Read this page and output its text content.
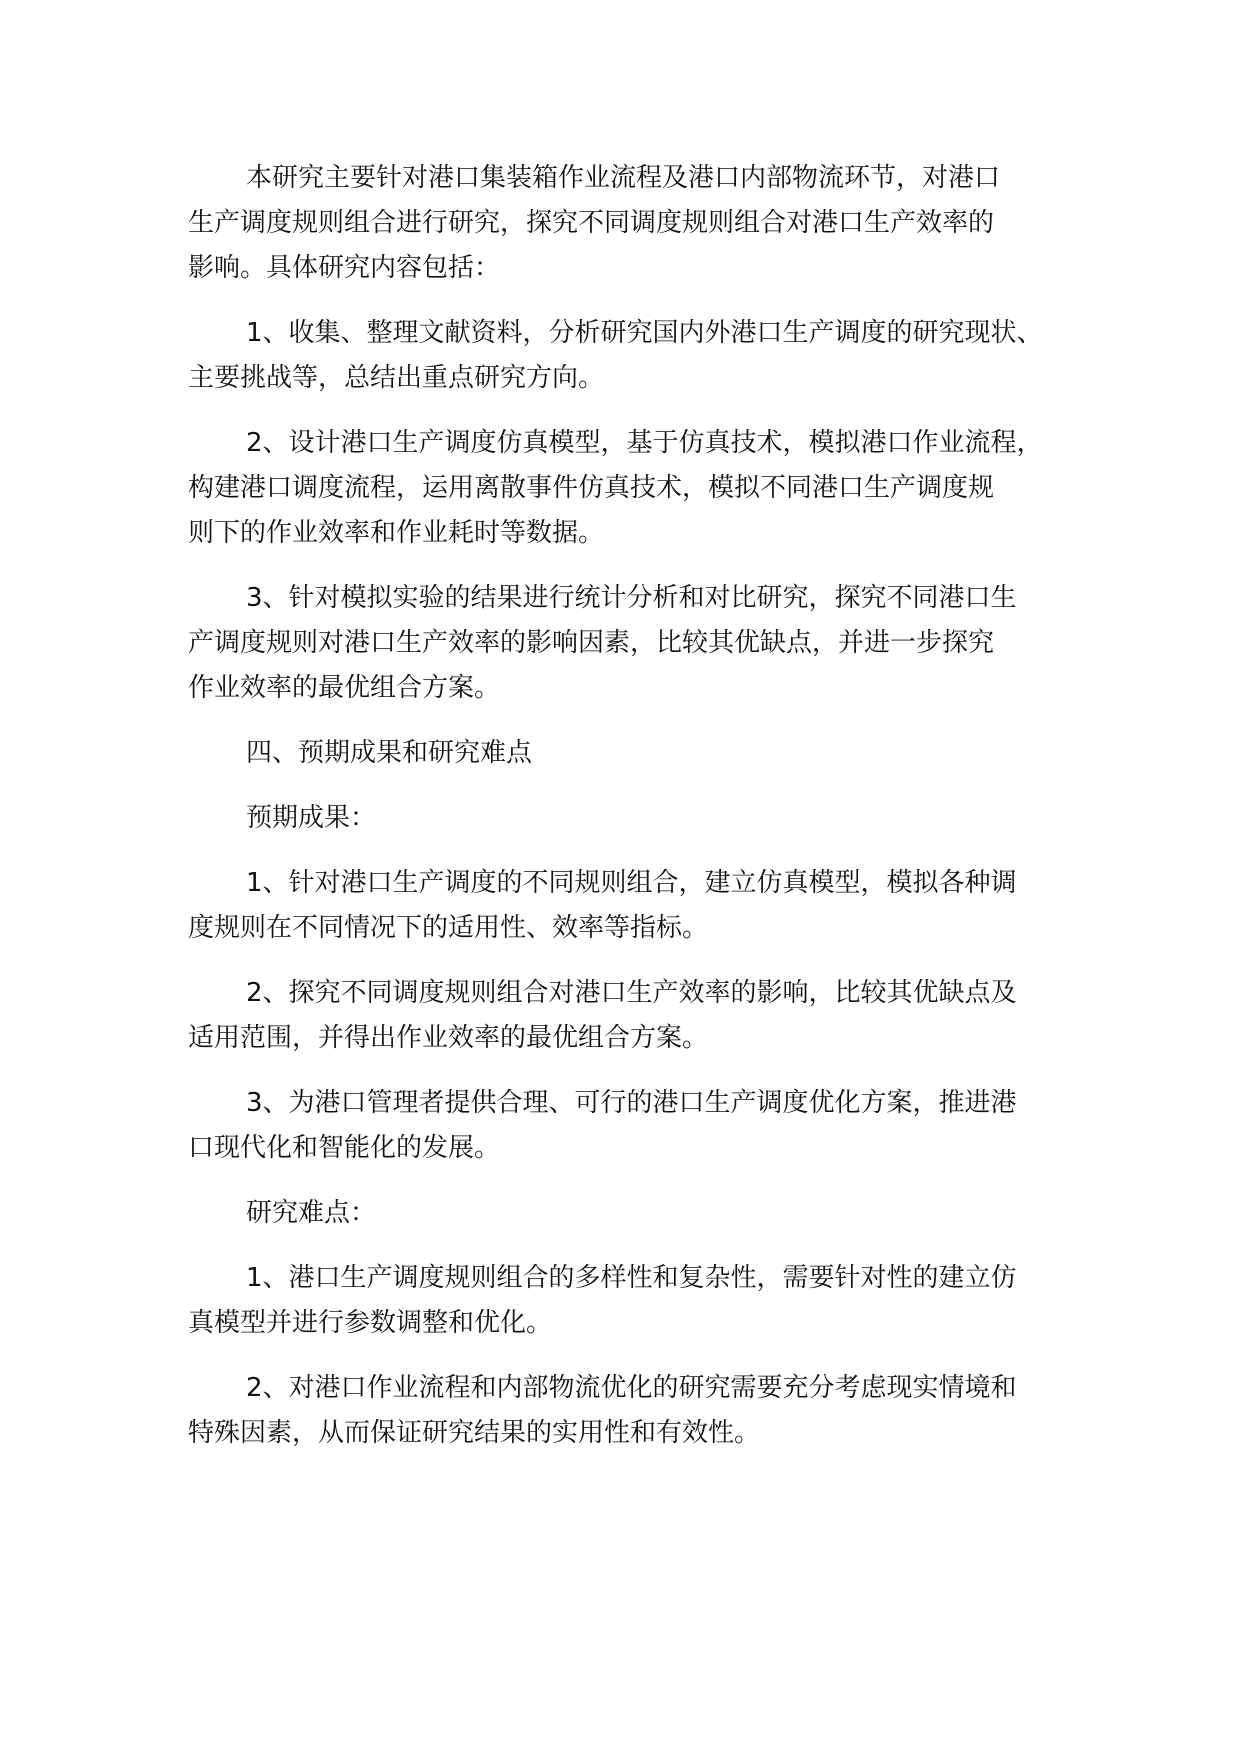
本研究主要针对港口集装箱作业流程及港口内部物流环节，对港口
生产调度规则组合进行研究，探究不同调度规则组合对港口生产效率的
影响。具体研究内容包括：

1、收集、整理文献资料，分析研究国内外港口生产调度的研究现状、
主要挑战等，总结出重点研究方向。

2、设计港口生产调度仿真模型，基于仿真技术，模拟港口作业流程，
构建港口调度流程，运用离散事件仿真技术，模拟不同港口生产调度规
则下的作业效率和作业耗时等数据。

3、针对模拟实验的结果进行统计分析和对比研究，探究不同港口生
产调度规则对港口生产效率的影响因素，比较其优缺点，并进一步探究
作业效率的最优组合方案。

四、预期成果和研究难点

预期成果：

1、针对港口生产调度的不同规则组合，建立仿真模型，模拟各种调
度规则在不同情况下的适用性、效率等指标。

2、探究不同调度规则组合对港口生产效率的影响，比较其优缺点及
适用范围，并得出作业效率的最优组合方案。

3、为港口管理者提供合理、可行的港口生产调度优化方案，推进港
口现代化和智能化的发展。

研究难点：

1、港口生产调度规则组合的多样性和复杂性，需要针对性的建立仿
真模型并进行参数调整和优化。

2、对港口作业流程和内部物流优化的研究需要充分考虑现实情境和
特殊因素，从而保证研究结果的实用性和有效性。
